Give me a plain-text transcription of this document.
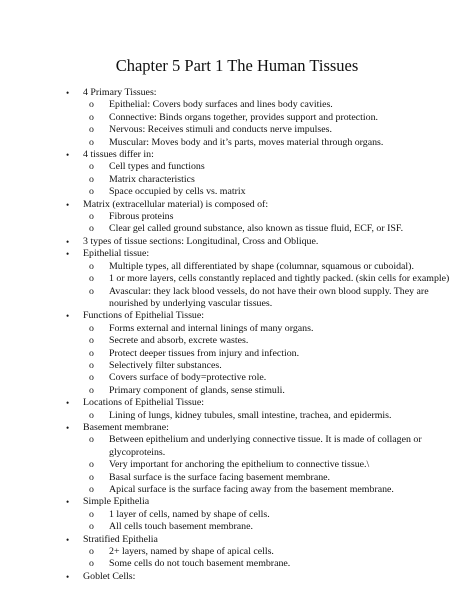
Chapter 5 Part 1 The Human Tissues
• 4 Primary Tissues:
o Epithelial: Covers body surfaces and lines body cavities.
o Connective: Binds organs together, provides support and protection.
o Nervous: Receives stimuli and conducts nerve impulses.
o Muscular: Moves body and it’s parts, moves material through organs.
• 4 tissues differ in:
o Cell types and functions
o Matrix characteristics
o Space occupied by cells vs. matrix
• Matrix (extracellular material) is composed of:
o Fibrous proteins
o Clear gel called ground substance, also known as tissue fluid, ECF, or ISF.
• 3 types of tissue sections: Longitudinal, Cross and Oblique.
• Epithelial tissue:
o Multiple types, all differentiated by shape (columnar, squamous or cuboidal).
o 1 or more layers, cells constantly replaced and tightly packed. (skin cells for example)
o Avascular: they lack blood vessels, do not have their own blood supply. They are nourished by underlying vascular tissues.
• Functions of Epithelial Tissue:
o Forms external and internal linings of many organs.
o Secrete and absorb, excrete wastes.
o Protect deeper tissues from injury and infection.
o Selectively filter substances.
o Covers surface of body=protective role.
o Primary component of glands, sense stimuli.
• Locations of Epithelial Tissue:
o Lining of lungs, kidney tubules, small intestine, trachea, and epidermis.
• Basement membrane:
o Between epithelium and underlying connective tissue. It is made of collagen or glycoproteins.
o Very important for anchoring the epithelium to connective tissue.\
o Basal surface is the surface facing basement membrane.
o Apical surface is the surface facing away from the basement membrane.
• Simple Epithelia
o 1 layer of cells, named by shape of cells.
o All cells touch basement membrane.
• Stratified Epithelia
o 2+ layers, named by shape of apical cells.
o Some cells do not touch basement membrane.
• Goblet Cells:
